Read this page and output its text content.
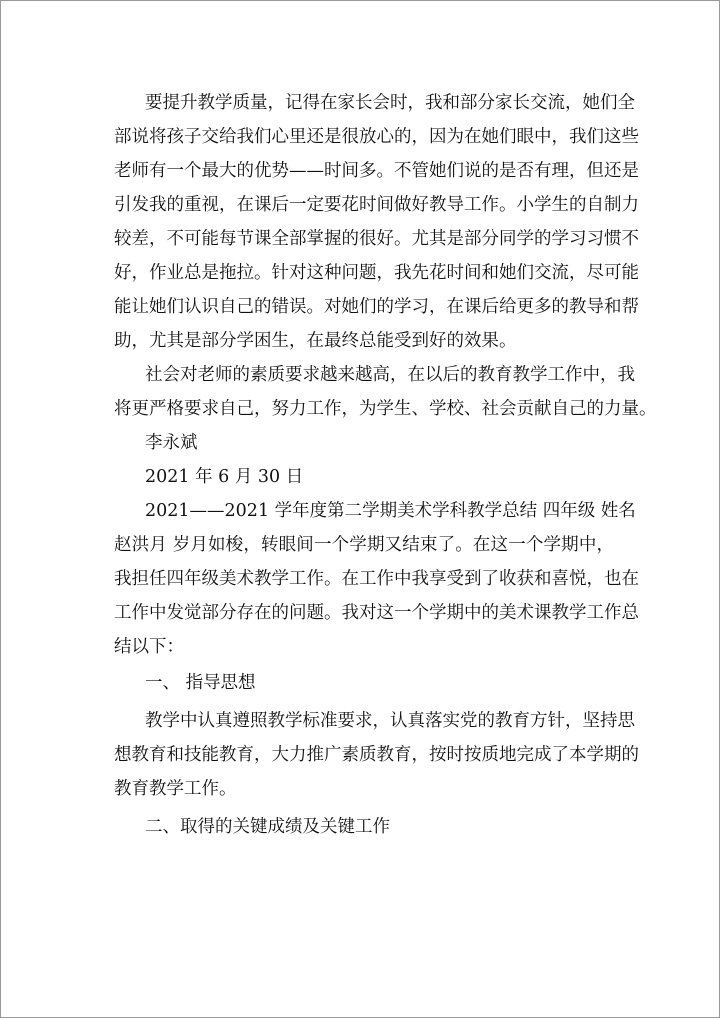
要提升教学质量，记得在家长会时，我和部分家长交流，她们全
部说将孩子交给我们心里还是很放心的，因为在她们眼中，我们这些
老师有一个最大的优势——时间多。不管她们说的是否有理，但还是
引发我的重视，在课后一定要花时间做好教导工作。小学生的自制力
较差，不可能每节课全部掌握的很好。尤其是部分同学的学习习惯不
好，作业总是拖拉。针对这种问题，我先花时间和她们交流，尽可能
能让她们认识自己的错误。对她们的学习，在课后给更多的教导和帮
助，尤其是部分学困生，在最终总能受到好的效果。
社会对老师的素质要求越来越高，在以后的教育教学工作中，我
将更严格要求自己，努力工作，为学生、学校、社会贡献自己的力量。
李永斌
2021 年 6 月 30 日
2021——2021 学年度第二学期美术学科教学总结 四年级 姓名
赵洪月 岁月如梭，转眼间一个学期又结束了。在这一个学期中，
我担任四年级美术教学工作。在工作中我享受到了收获和喜悦，也在
工作中发觉部分存在的问题。我对这一个学期中的美术课教学工作总
结以下：
一、 指导思想
教学中认真遵照教学标准要求，认真落实党的教育方针，坚持思
想教育和技能教育，大力推广素质教育，按时按质地完成了本学期的
教育教学工作。
二、取得的关键成绩及关键工作
